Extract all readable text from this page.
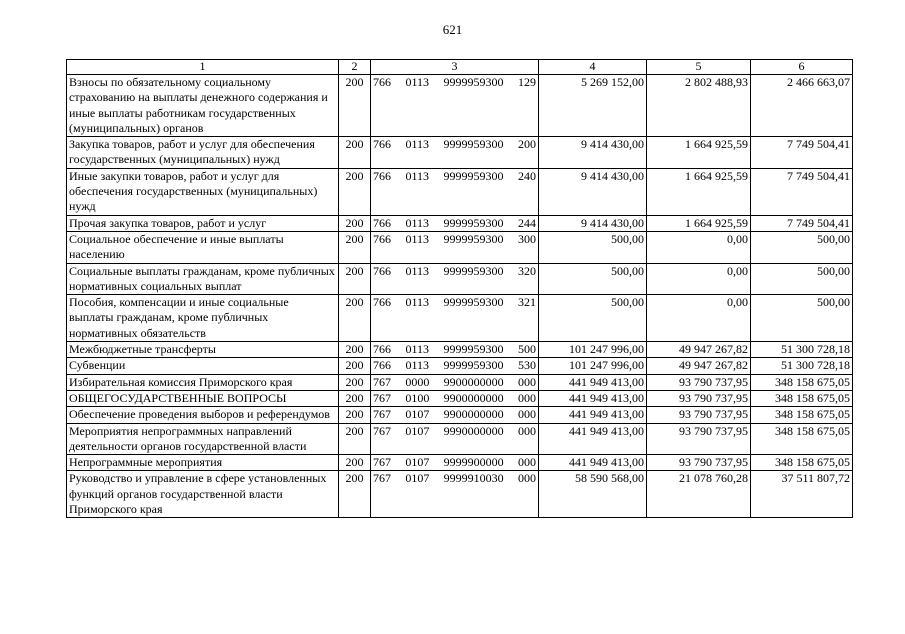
621
1	2	3	4	5	6
Взносы по обязательному социальному страхованию на выплаты денежного содержания и иные выплаты работникам государственных (муниципальных) органов	200	766 0113 9999959300 129	5 269 152,00	2 802 488,93	2 466 663,07
Закупка товаров, работ и услуг для обеспечения государственных (муниципальных) нужд	200	766 0113 9999959300 200	9 414 430,00	1 664 925,59	7 749 504,41
Иные закупки товаров, работ и услуг для обеспечения государственных (муниципальных) нужд	200	766 0113 9999959300 240	9 414 430,00	1 664 925,59	7 749 504,41
Прочая закупка товаров, работ и услуг	200	766 0113 9999959300 244	9 414 430,00	1 664 925,59	7 749 504,41
Социальное обеспечение и иные выплаты населению	200	766 0113 9999959300 300	500,00	0,00	500,00
Социальные выплаты гражданам, кроме публичных нормативных социальных выплат	200	766 0113 9999959300 320	500,00	0,00	500,00
Пособия, компенсации и иные социальные выплаты гражданам, кроме публичных нормативных обязательств	200	766 0113 9999959300 321	500,00	0,00	500,00
Межбюджетные трансферты	200	766 0113 9999959300 500	101 247 996,00	49 947 267,82	51 300 728,18
Субвенции	200	766 0113 9999959300 530	101 247 996,00	49 947 267,82	51 300 728,18
Избирательная комиссия Приморского края	200	767 0000 9900000000 000	441 949 413,00	93 790 737,95	348 158 675,05
ОБЩЕГОСУДАРСТВЕННЫЕ ВОПРОСЫ	200	767 0100 9900000000 000	441 949 413,00	93 790 737,95	348 158 675,05
Обеспечение проведения выборов и референдумов	200	767 0107 9900000000 000	441 949 413,00	93 790 737,95	348 158 675,05
Мероприятия непрограммных направлений деятельности органов государственной власти	200	767 0107 9990000000 000	441 949 413,00	93 790 737,95	348 158 675,05
Непрограммные мероприятия	200	767 0107 9999900000 000	441 949 413,00	93 790 737,95	348 158 675,05
Руководство и управление в сфере установленных функций органов государственной власти Приморского края	200	767 0107 9999910030 000	58 590 568,00	21 078 760,28	37 511 807,72
